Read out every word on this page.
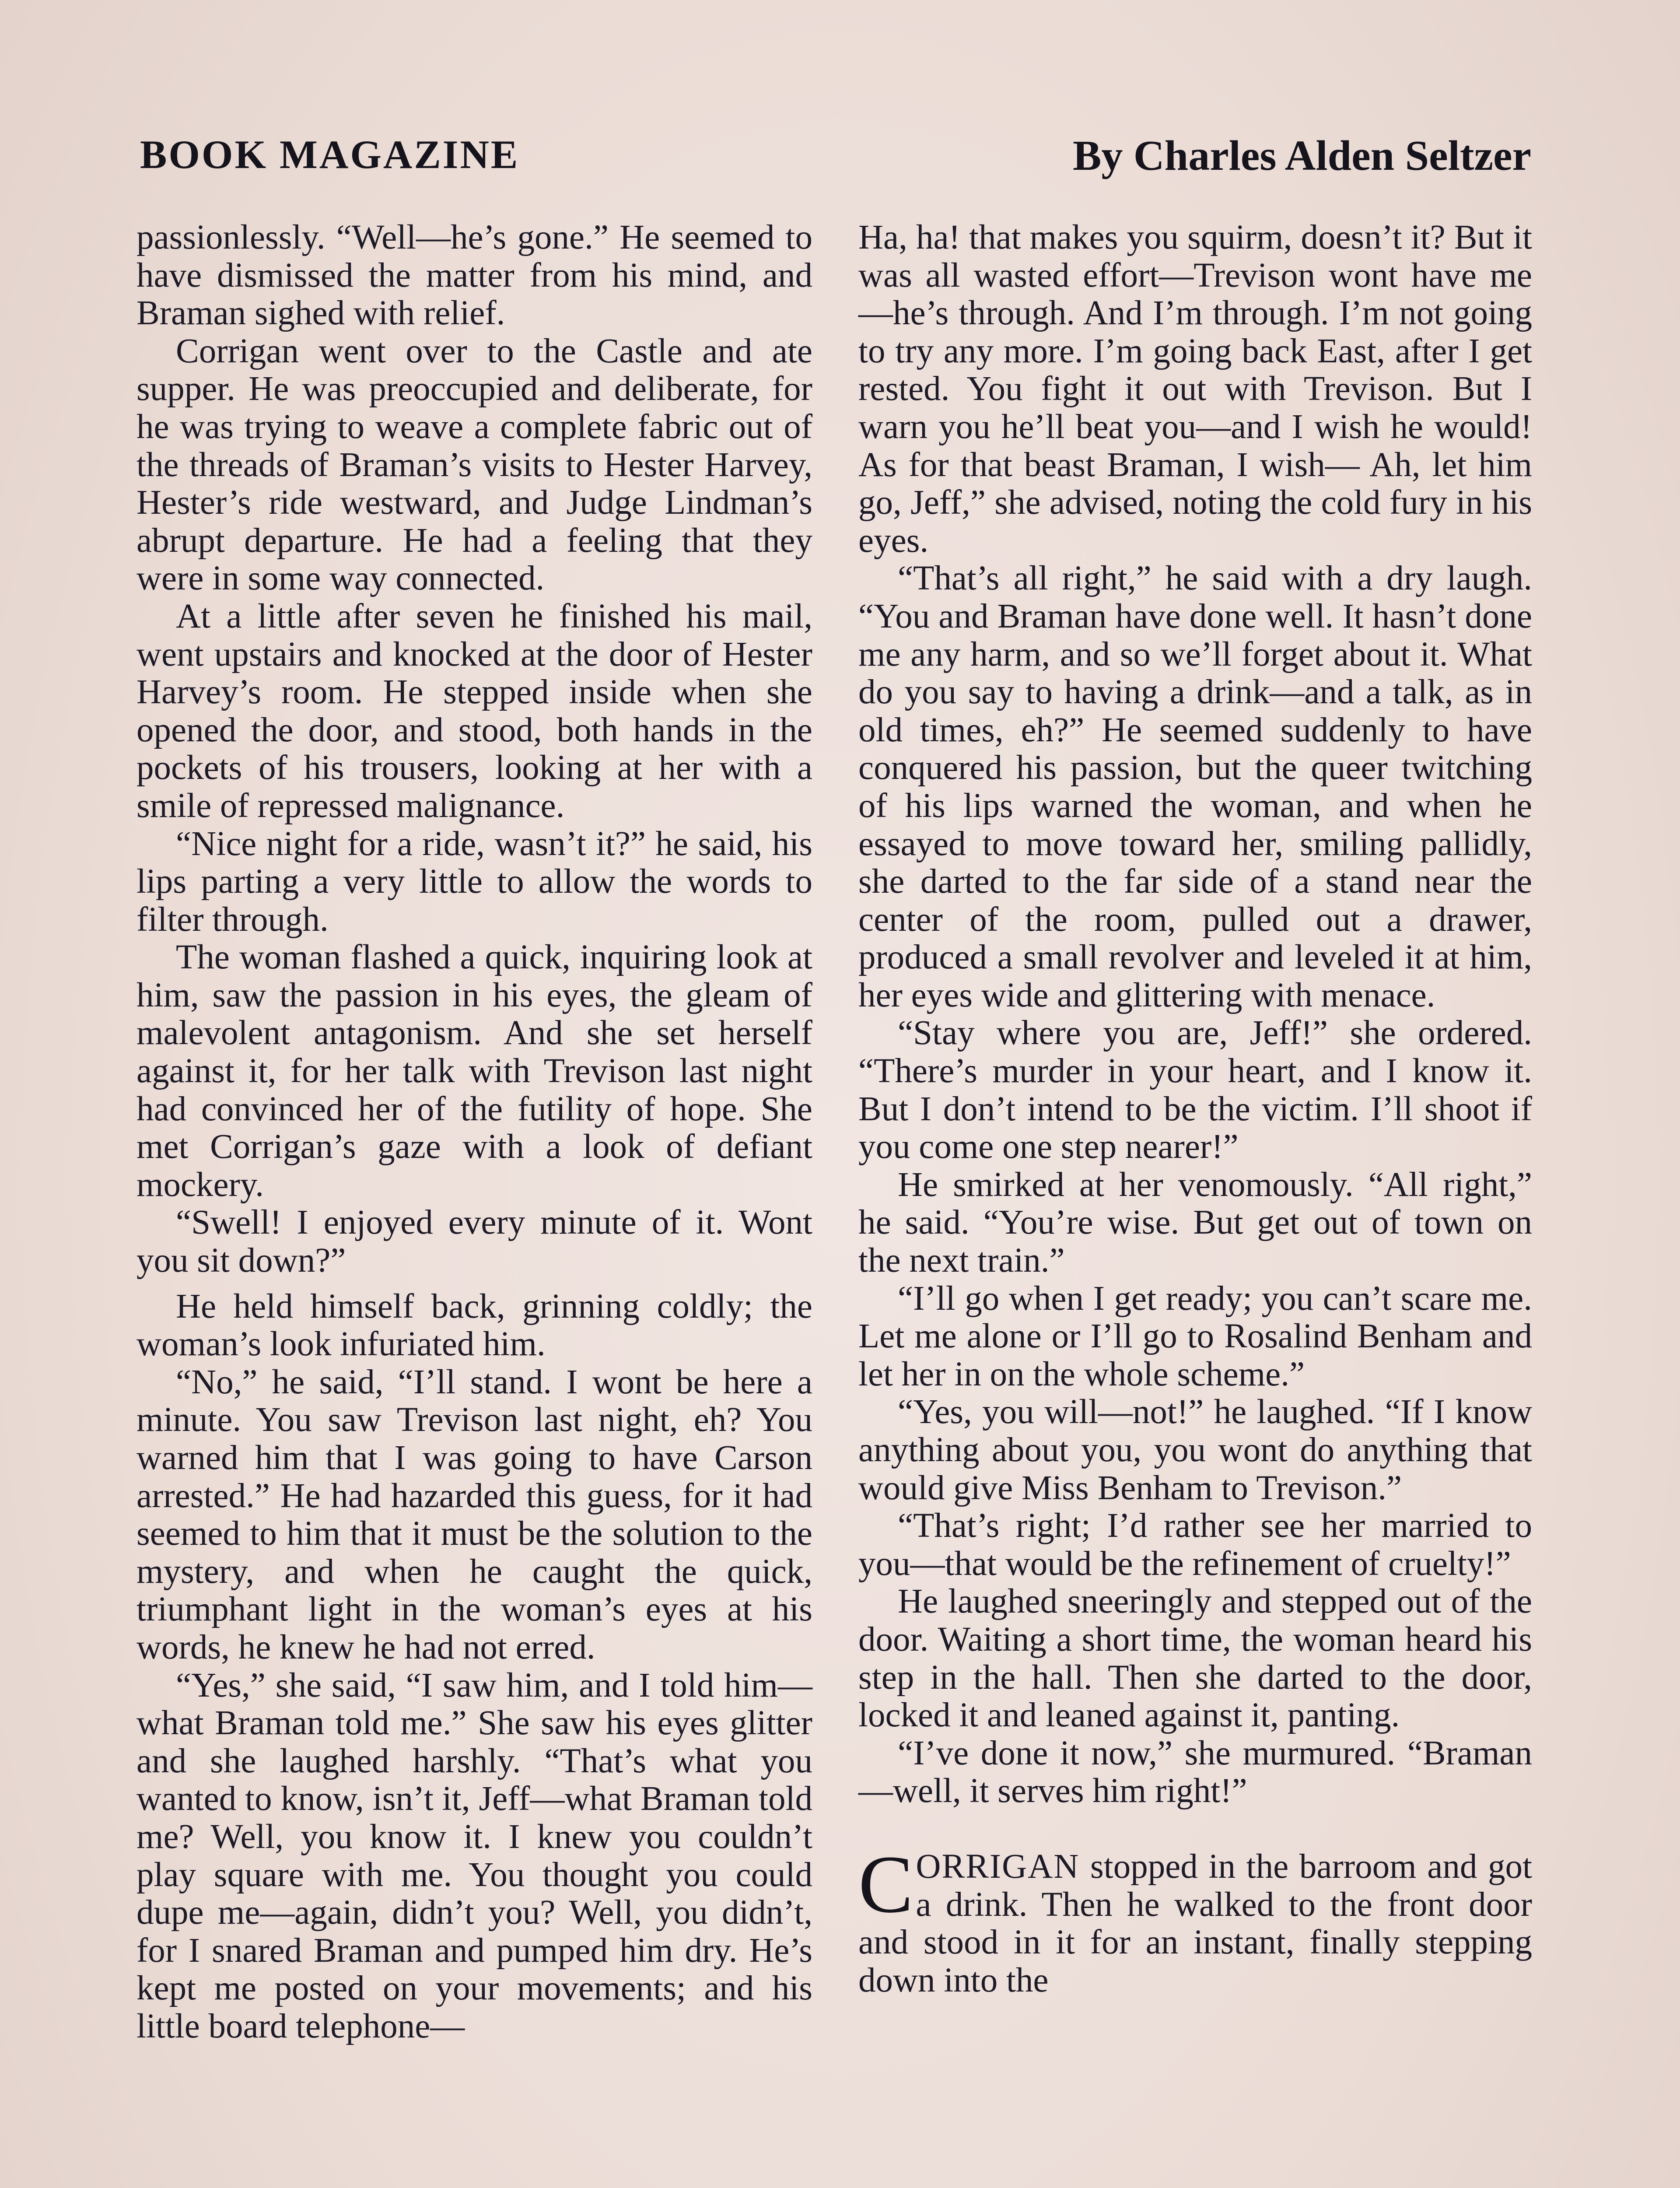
BOOK MAGAZINE	By Charles Alden Seltzer

passionlessly. “Well—he’s gone.” He seemed to have dismissed the matter from his mind, and Braman sighed with relief.

Corrigan went over to the Castle and ate supper. He was preoccupied and deliberate, for he was trying to weave a complete fabric out of the threads of Braman’s visits to Hester Harvey, Hester’s ride westward, and Judge Lindman’s abrupt departure. He had a feeling that they were in some way connected.

At a little after seven he finished his mail, went upstairs and knocked at the door of Hester Harvey’s room. He stepped inside when she opened the door, and stood, both hands in the pockets of his trousers, looking at her with a smile of repressed malignance.

“Nice night for a ride, wasn’t it?” he said, his lips parting a very little to allow the words to filter through.

The woman flashed a quick, inquiring look at him, saw the passion in his eyes, the gleam of malevolent antagonism. And she set herself against it, for her talk with Trevison last night had convinced her of the futility of hope. She met Corrigan’s gaze with a look of defiant mockery.

“Swell! I enjoyed every minute of it. Wont you sit down?”

He held himself back, grinning coldly; the woman’s look infuriated him.

“No,” he said, “I’ll stand. I wont be here a minute. You saw Trevison last night, eh? You warned him that I was going to have Carson arrested.” He had hazarded this guess, for it had seemed to him that it must be the solution to the mystery, and when he caught the quick, triumphant light in the woman’s eyes at his words, he knew he had not erred.

“Yes,” she said, “I saw him, and I told him—what Braman told me.” She saw his eyes glitter and she laughed harshly. “That’s what you wanted to know, isn’t it, Jeff—what Braman told me? Well, you know it. I knew you couldn’t play square with me. You thought you could dupe me—again, didn’t you? Well, you didn’t, for I snared Braman and pumped him dry. He’s kept me posted on your movements; and his little board telephone—

Ha, ha! that makes you squirm, doesn’t it? But it was all wasted effort—Trevison wont have me—he’s through. And I’m through. I’m not going to try any more. I’m going back East, after I get rested. You fight it out with Trevison. But I warn you he’ll beat you—and I wish he would! As for that beast Braman, I wish— Ah, let him go, Jeff,” she advised, noting the cold fury in his eyes.

“That’s all right,” he said with a dry laugh. “You and Braman have done well. It hasn’t done me any harm, and so we’ll forget about it. What do you say to having a drink—and a talk, as in old times, eh?” He seemed suddenly to have conquered his passion, but the queer twitching of his lips warned the woman, and when he essayed to move toward her, smiling pallidly, she darted to the far side of a stand near the center of the room, pulled out a drawer, produced a small revolver and leveled it at him, her eyes wide and glittering with menace.

“Stay where you are, Jeff!” she ordered. “There’s murder in your heart, and I know it. But I don’t intend to be the victim. I’ll shoot if you come one step nearer!”

He smirked at her venomously. “All right,” he said. “You’re wise. But get out of town on the next train.”

“I’ll go when I get ready; you can’t scare me. Let me alone or I’ll go to Rosalind Benham and let her in on the whole scheme.”

“Yes, you will—not!” he laughed. “If I know anything about you, you wont do anything that would give Miss Benham to Trevison.”

“That’s right; I’d rather see her married to you—that would be the refinement of cruelty!”

He laughed sneeringly and stepped out of the door. Waiting a short time, the woman heard his step in the hall. Then she darted to the door, locked it and leaned against it, panting.

“I’ve done it now,” she murmured. “Braman—well, it serves him right!”

CORRIGAN stopped in the barroom and got a drink. Then he walked to the front door and stood in it for an instant, finally stepping down into the
